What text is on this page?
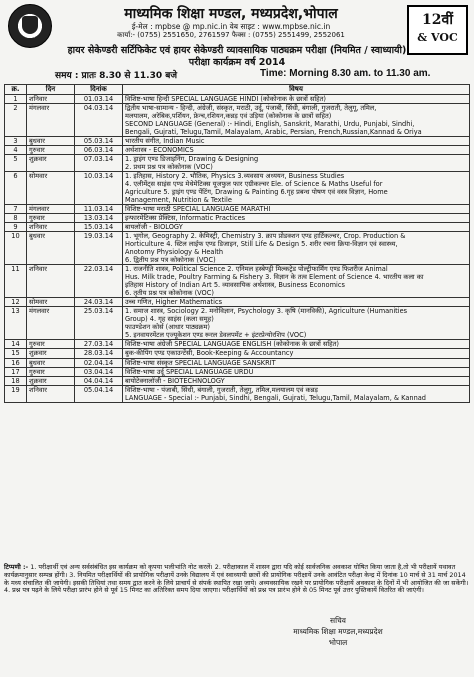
माशिम
12वीं
& VOC
माध्यमिक शिक्षा मण्डल, मध्यप्रदेश,भोपाल
ई-मेल : mpbse @ mp.nic.in वेब साइट : www.mpbse.nic.in
कार्या:- (0755) 2551650, 2761597 फैक्स : (0755) 2551499, 2552061
हायर सेकेण्डरी सर्टिफिकेट एवं हायर सेकेण्डरी व्यावसायिक पाठ्यक्रम परीक्षा (नियमित / स्वाध्यायी)
परीक्षा कार्यक्रम वर्ष 2014
समय : प्रातः 8.30 से 11.30 बजे	Time: Morning 8.30 am. to 11.30 am.
क्र.	दिन	दिनांक	विषय
1	शनिवार	01.03.14	विशिष्ट-भाषा हिन्दी SPECIAL LANGUAGE HINDI (कोकोनाक के छात्रों सहित)

2	मंगलवार	04.03.14	द्वितीय भाषा-सामान्य - हिन्दी, अंग्रेजी, संस्कृत, मराठी, उर्दू, पंजाबी, सिंधी, बंगाली, गुजराती, तेलुगू, तमिल,
मलयालम, अरेबिक,पर्शियन, फ्रेन्च,रशियन,कन्नड़ एवं उड़िया (कोकोनाक के छात्रों सहित)
SECOND LANGUAGE (General) :- Hindi, English, Sanskrit, Marathi, Urdu, Punjabi, Sindhi,
Bengali, Gujrati, Telugu,Tamil, Malayalam, Arabic, Persian, French,Russian,Kannad & Oriya

3	बुधवार	05.03.14	भारतीय संगीत, Indian Music

4	गुरुवार	06.03.14	अर्थशास्त्र - ECONOMICS

5	शुक्रवार	07.03.14	1. ड्राइंग एण्ड डिजाइनिंग, Drawing & Designing
2. प्रथम प्रश्न पत्र कोकोनाक (VOC)

6	सोमवार	10.03.14	1. इतिहास, History 2. भौतिक, Physics 3.व्यवसाय अध्ययन, Business Studies
4. एलीमेंट्स साइंस एण्ड मेथेमेटिक्स यूजफुल फार एग्रीकल्चर Ele. of Science & Maths Useful for
Agriculture 5. ड्राइंग एण्ड पेंटिंग, Drawing & Painting 6.गृह प्रबन्ध पोषण एवं वस्त्र विज्ञान, Home
Management, Nutrition & Textile

7	मंगलवार	11.03.14	विशिष्ट-भाषा मराठी SPECIAL LANGUAGE MARATHI

8	गुरुवार	13.03.14	इन्फारमेटिक्स प्रेक्टिस, Informatic Practices

9	शनिवार	15.03.14	बायलॉजी - BIOLOGY

10	बुधवार	19.03.14	1. भूगोल, Geography 2. केमिस्ट्री, Chemistry 3. क्राप प्रोडक्शन एण्ड हार्टिकल्चर, Crop. Production &
Horticulture 4. स्टिल लाईफ एण्ड डिजाइन, Still Life & Design 5. शरीर रचना क्रिया-विज्ञान एवं स्वास्थ्य,
Anotomy Physiology & Health
6. द्वितीय प्रश्न पत्र कोकोनाक (VOC)

11	शनिवार	22.03.14	1. राजनीति शास्त्र, Political Science 2. एनिमल हस्बेण्ड्री मिल्कट्रेड पोल्ट्रीफार्मिंग एण्ड फिशरीज Animal
Hus. Milk trade, Poultry Farming & Fishery 3. विज्ञान के तत्व Element of Science 4. भारतीय कला का
इतिहास History of Indian Art 5. व्यावसायिक अर्थशास्त्र, Business Economics
6. तृतीय प्रश्न पत्र कोकोनाक (VOC)

12	सोमवार	24.03.14	उच्च गणित, Higher Mathematics

13	मंगलवार	25.03.14	1. समाज शास्त्र, Sociology 2. मनोविज्ञान, Psychology 3. कृषि (मानविकी), Agriculture (Humanities
Group) 4. गृह साइंस (कला समूह)
फाउण्डेशन कोर्स (आधार पाठ्यक्रम)
5. इनवायरमेंटल एज्यूकेशन एण्ड रूरल डेवलपमेंट + इंटरप्रेन्योरशिप (VOC)

14	गुरुवार	27.03.14	विशिष्ट-भाषा अंग्रेजी SPECIAL LANGUAGE ENGLISH (कोकोनाक के छात्रों सहित)

15	शुक्रवार	28.03.14	बुक-कीपिंग एण्ड एकाउन्टेंसी, Book-Keeping & Accountancy

16	बुधवार	02.04.14	विशिष्ट-भाषा संस्कृत SPECIAL LANGUAGE SANSKRIT

17	गुरुवार	03.04.14	विशिष्ट-भाषा उर्दू SPECIAL LANGUAGE URDU

18	शुक्रवार	04.04.14	बायोटेक्नालॉजी - BIOTECHNOLOGY

19	शनिवार	05.04.14	विशिष्ट-भाषा - पंजाबी, सिंधी, बंगाली, गुजराती, तेलुगु, तमिल,मलयालम एवं कन्नड़
LANGUAGE - Special :- Punjabi, Sindhi, Bengali, Gujrati, Telugu,Tamil, Malayalam, & Kannad
टिप्पणी :- 1. परीक्षार्थी एवं अन्य सर्वसंबंधित इस कार्यक्रम को कृपया भलीभांति नोट करलें। 2. परीक्षाकाल में शासन द्वारा यदि कोई सार्वजनिक अवकाश घोषित किया जाता है,तो भी परीक्षायें यथावत कार्यक्रमानुसार सम्पन्न होंगी। 3. नियमित परीक्षार्थियों की प्रायोगिक परीक्षायें उनके विद्यालय में एवं स्वाध्यायी छात्रों की प्रायोगिक परीक्षायें उनके आवंटित परीक्षा केन्द्र में दिनांक 10 मार्च से 31 मार्च 2014 के मध्य संचालित की जायेगी। इसकी तिथियां तथा समय द्वात करने के लिये प्राचार्य से संपर्क स्थापित रखा जाये। अव्यवसायिक रखने पर प्रायोगिक परीक्षायें अवकाश के दिनों में भी आयोजित की जा सकेंगी। 4. प्रश्न पत्र पढ़ने के लिये परीक्षा प्रारंभ होने से पूर्व 15 मिनट का अतिरिक्त समय दिया जाएगा। परीक्षार्थियों को प्रश्न पत्र प्रारंभ होने से 05 मिनट पूर्व उत्तर पुस्तिकायें वितरित की जाएंगी।
सचिव
माध्यमिक शिक्षा मण्डल,मध्यप्रदेश
भोपाल
